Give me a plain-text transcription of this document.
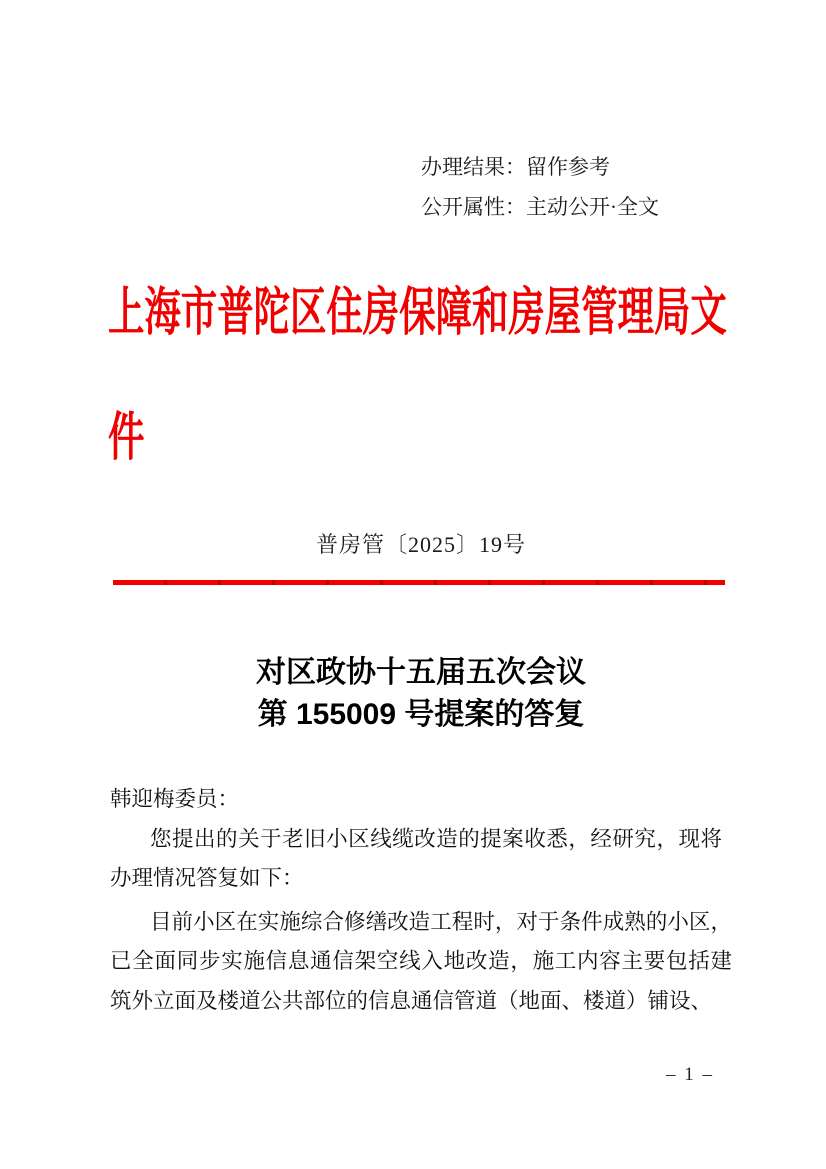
办理结果：留作参考
公开属性：主动公开·全文
上海市普陀区住房保障和房屋管理局文件
普房管〔2025〕19号
对区政协十五届五次会议
第 155009 号提案的答复

韩迎梅委员：

您提出的关于老旧小区线缆改造的提案收悉，经研究，现将办理情况答复如下：

目前小区在实施综合修缮改造工程时，对于条件成熟的小区，已全面同步实施信息通信架空线入地改造，施工内容主要包括建筑外立面及楼道公共部位的信息通信管道（地面、楼道）铺设、

– 1 –
